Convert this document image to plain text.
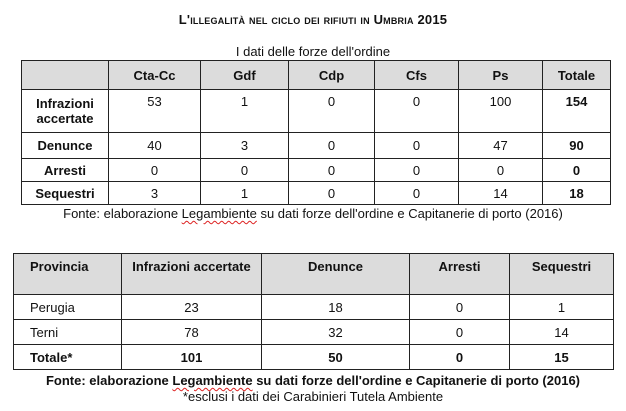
L'illegalità nel ciclo dei rifiuti in Umbria 2015
I dati delle forze dell'ordine
	Cta-Cc	Gdf	Cdp	Cfs	Ps	Totale
Infrazioni accertate	53	1	0	0	100	154
Denunce	40	3	0	0	47	90
Arresti	0	0	0	0	0	0
Sequestri	3	1	0	0	14	18
Fonte: elaborazione Legambiente su dati forze dell'ordine e Capitanerie di porto (2016)
Provincia	Infrazioni accertate	Denunce	Arresti	Sequestri
Perugia	23	18	0	1
Terni	78	32	0	14
Totale*	101	50	0	15
Fonte: elaborazione Legambiente su dati forze dell'ordine e Capitanerie di porto (2016)
*esclusi i dati dei Carabinieri Tutela Ambiente
